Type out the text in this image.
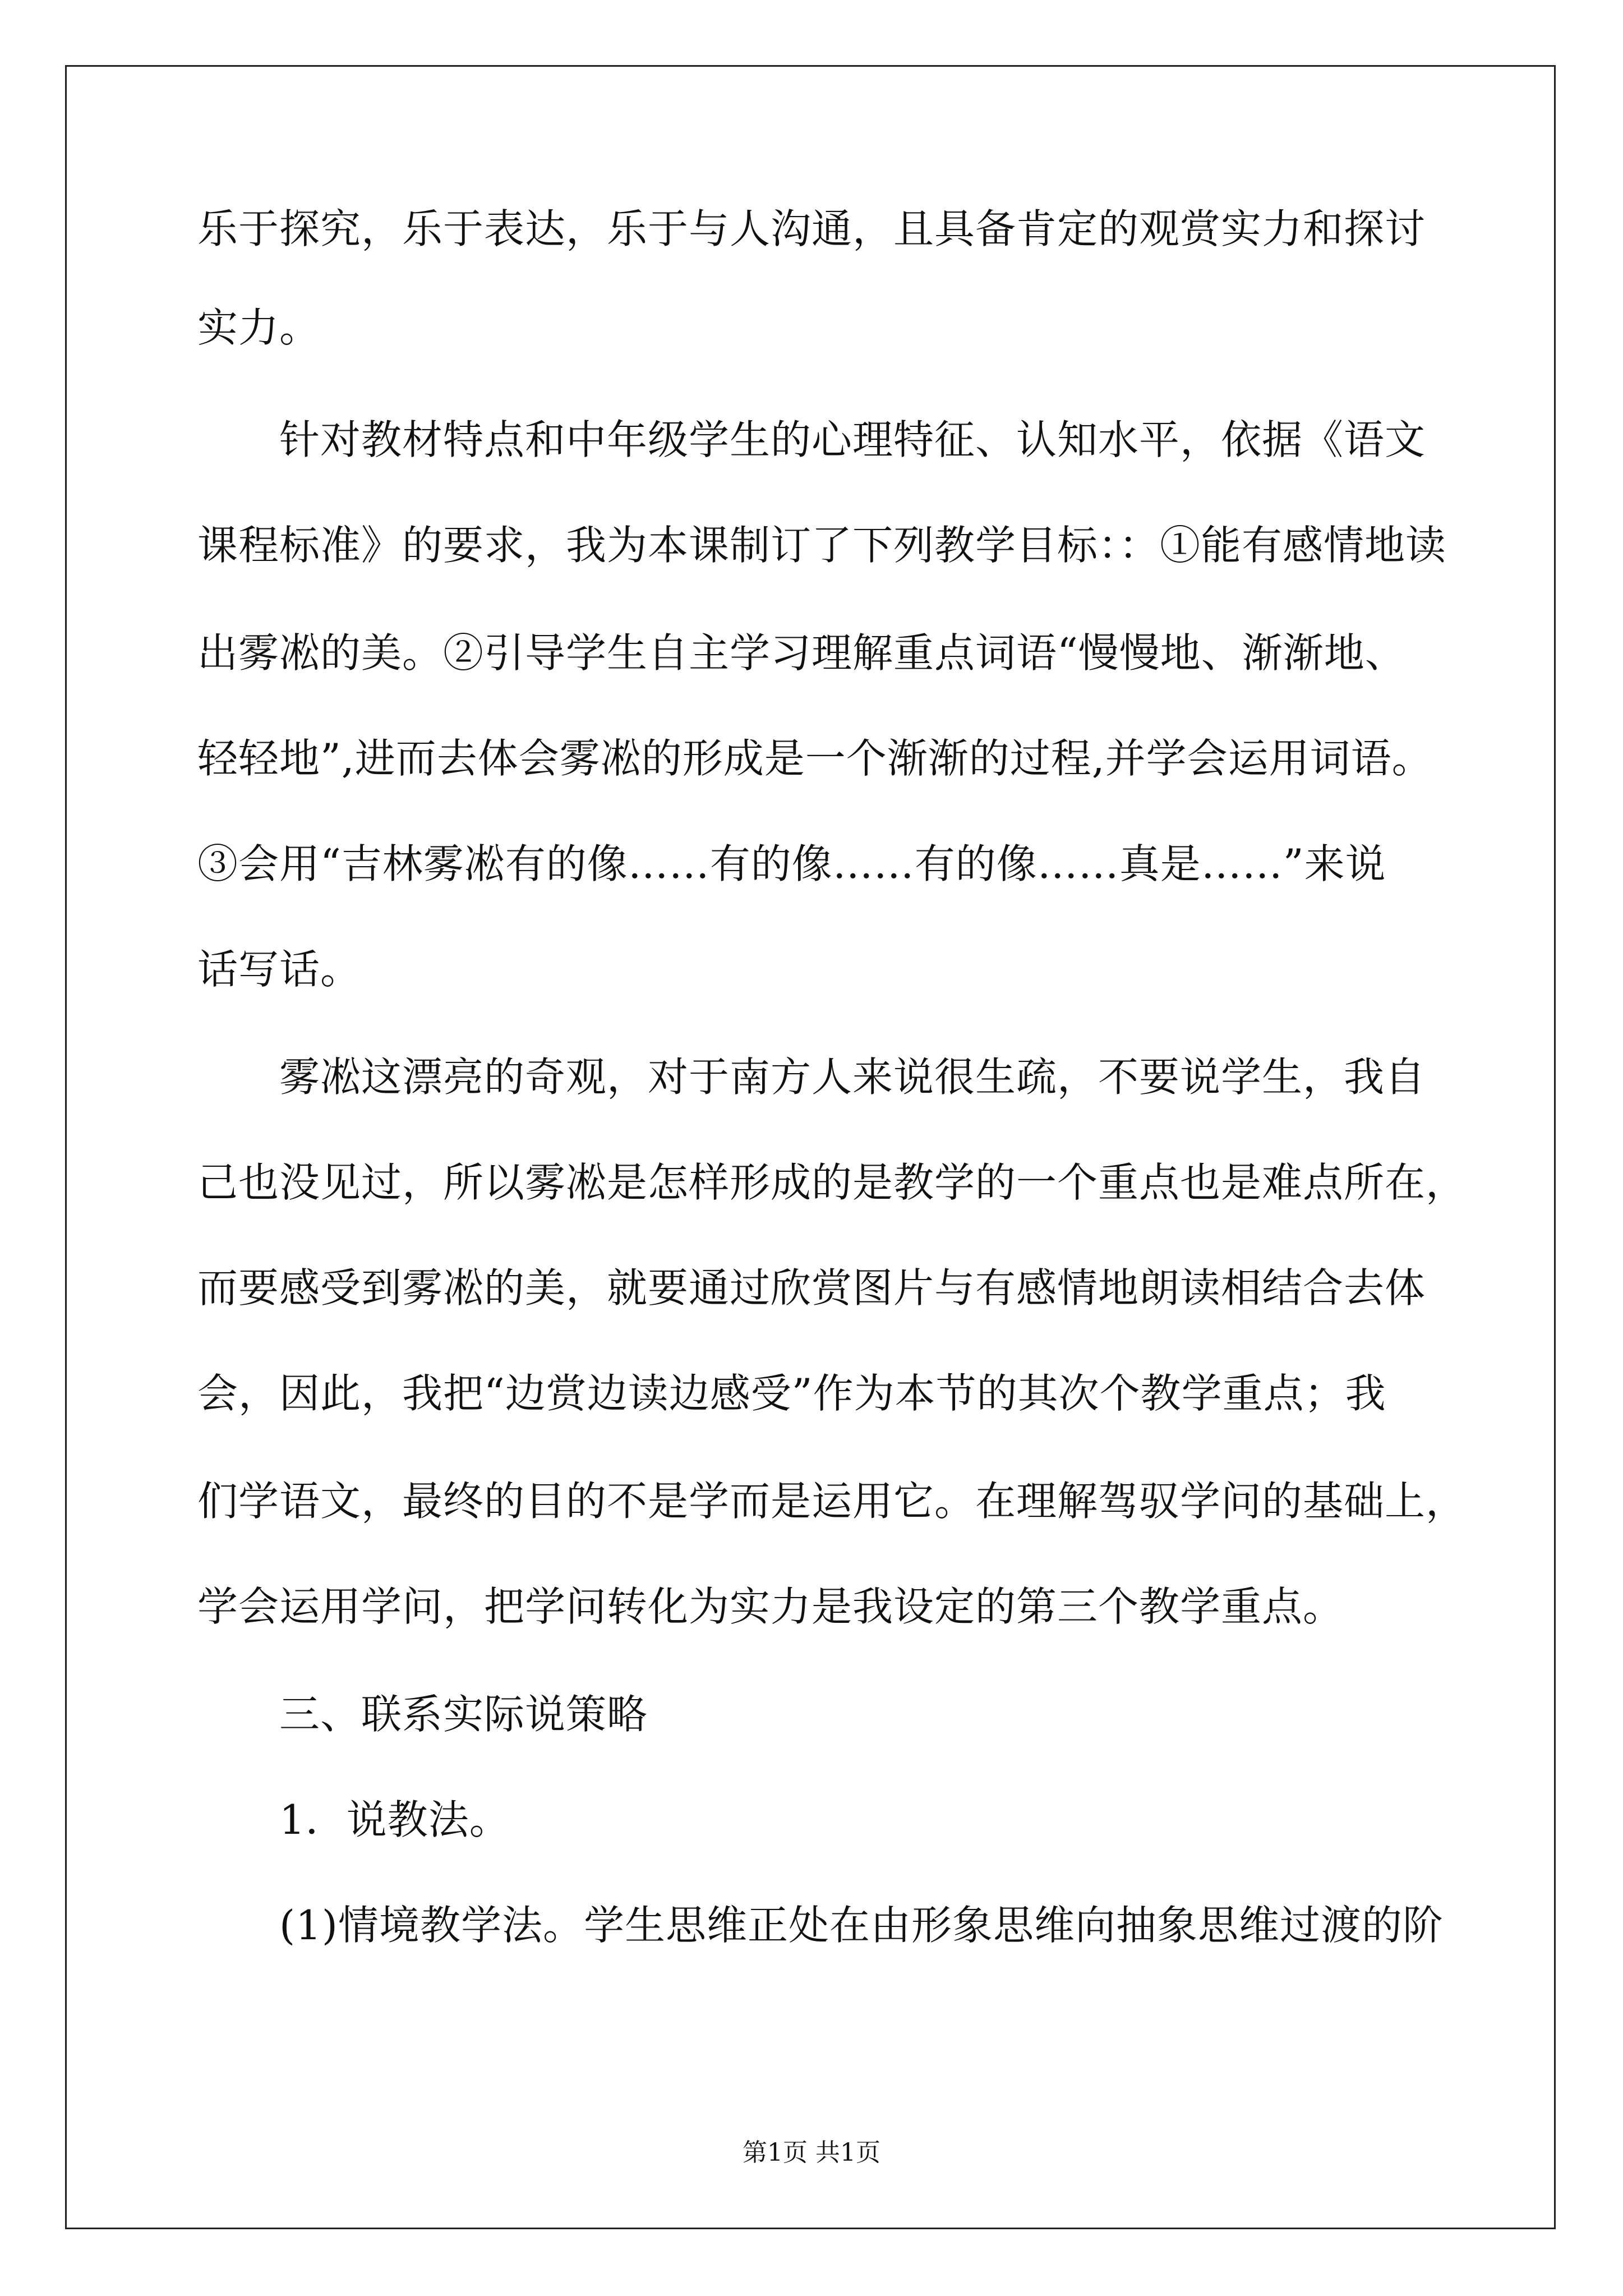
乐于探究，乐于表达，乐于与人沟通，且具备肯定的观赏实力和探讨
实力。
针对教材特点和中年级学生的心理特征、认知水平，依据《语文
课程标准》的要求，我为本课制订了下列教学目标：：①能有感情地读
出雾凇的美。②引导学生自主学习理解重点词语“慢慢地、渐渐地、
轻轻地”,进而去体会雾凇的形成是一个渐渐的过程,并学会运用词语。
③会用“吉林雾凇有的像……有的像……有的像……真是……”来说
话写话。
雾凇这漂亮的奇观，对于南方人来说很生疏，不要说学生，我自
己也没见过，所以雾凇是怎样形成的是教学的一个重点也是难点所在，
而要感受到雾凇的美，就要通过欣赏图片与有感情地朗读相结合去体
会，因此，我把“边赏边读边感受”作为本节的其次个教学重点；我
们学语文，最终的目的不是学而是运用它。在理解驾驭学问的基础上，
学会运用学问，把学问转化为实力是我设定的第三个教学重点。
三、联系实际说策略
1．说教法。
(1)情境教学法。学生思维正处在由形象思维向抽象思维过渡的阶
第1页 共1页
